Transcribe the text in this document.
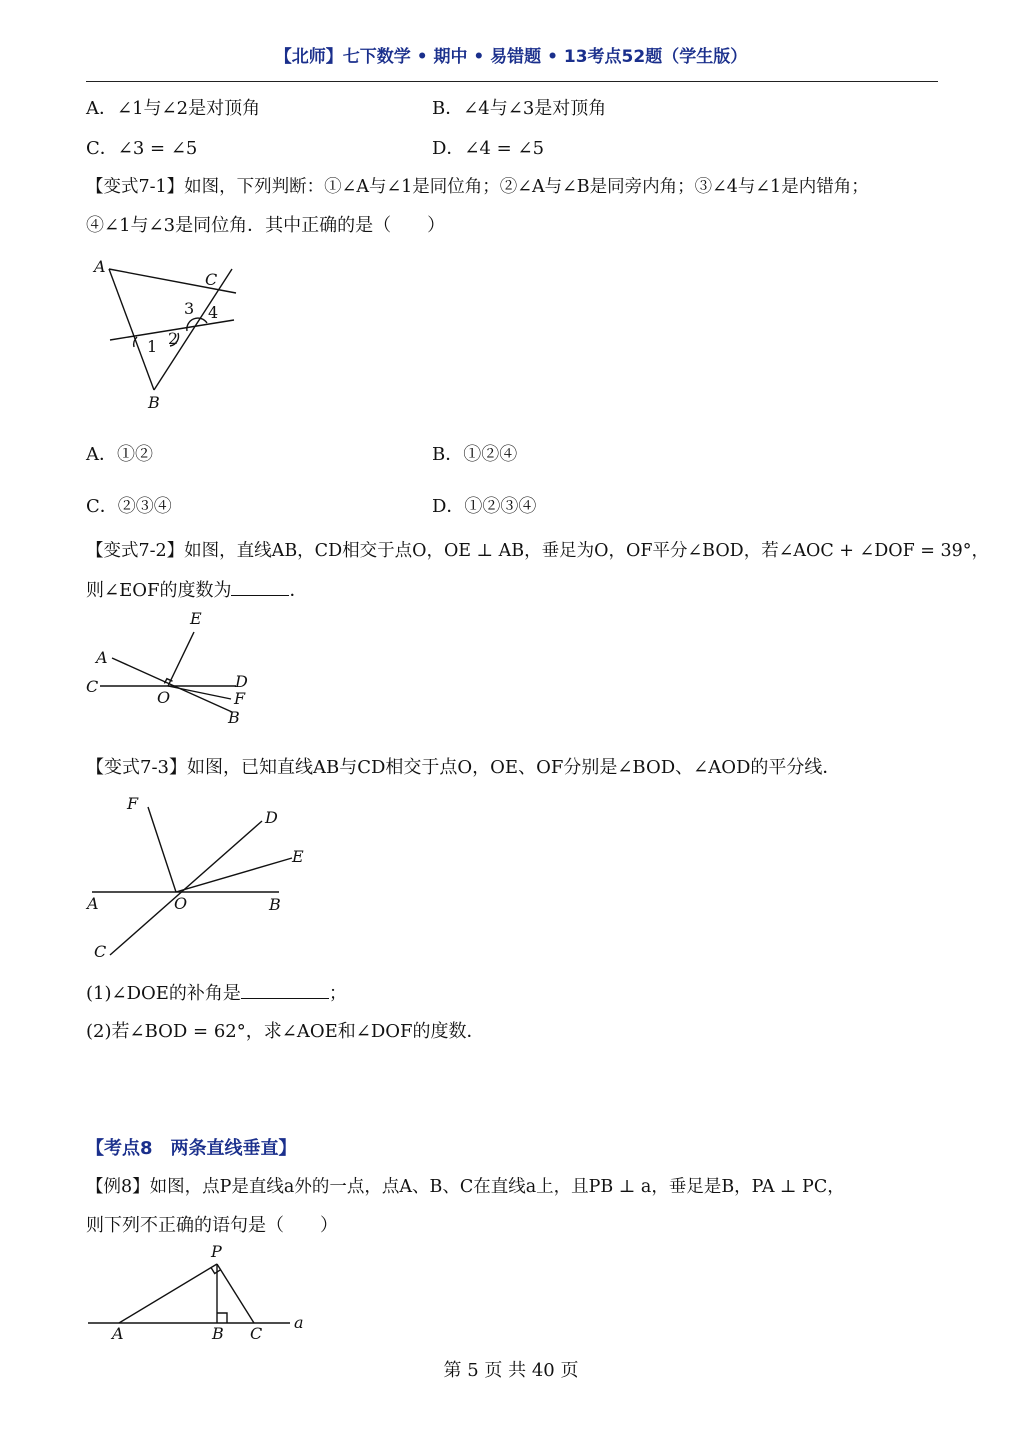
【北师】七下数学 • 期中 • 易错题 • 13考点52题（学生版）
A．∠1与∠2是对顶角	B．∠4与∠3是对顶角
C．∠3 = ∠5	D．∠4 = ∠5
【变式7-1】如图，下列判断：①∠A与∠1是同位角；②∠A与∠B是同旁内角；③∠4与∠1是内错角；
④∠1与∠3是同位角．其中正确的是（　　）
A
C
B
1 2
3 4
A．①②	B．①②④
C．②③④	D．①②③④
【变式7-2】如图，直线AB，CD相交于点O，OE ⊥ AB，垂足为O，OF平分∠BOD，若∠AOC + ∠DOF = 39°，
则∠EOF的度数为	．
E
A
C
O
D
F
B
【变式7-3】如图，已知直线AB与CD相交于点O，OE、OF分别是∠BOD、∠AOD的平分线．
F
D
E
A	O	B
C
(1)∠DOE的补角是	；
(2)若∠BOD = 62°，求∠AOE和∠DOF的度数．
【考点8　两条直线垂直】
【例8】如图，点P是直线a外的一点，点A、B、C在直线a上，且PB ⊥ a，垂足是B，PA ⊥ PC，
则下列不正确的语句是（　　）
P
A	B C
a
第 5 页 共 40 页
